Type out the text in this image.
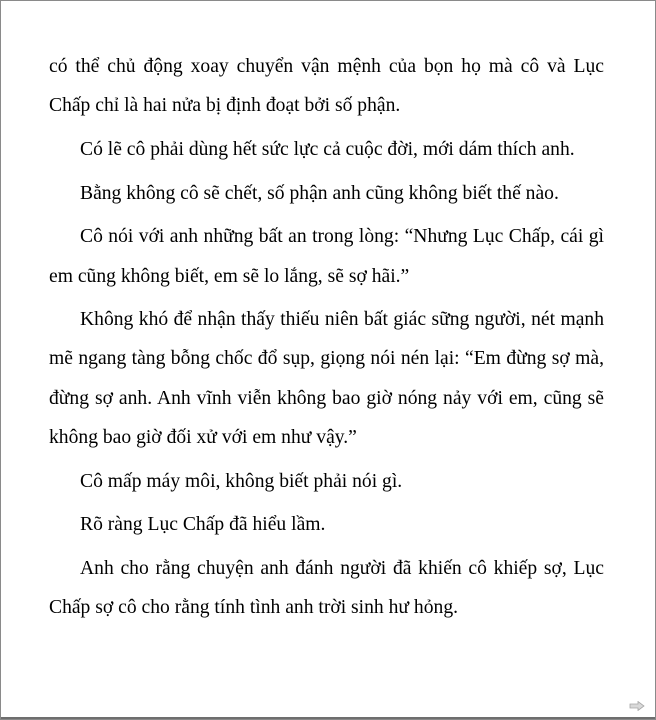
có thể chủ động xoay chuyển vận mệnh của bọn họ mà cô và Lục Chấp chỉ là hai nửa bị định đoạt bởi số phận.

Có lẽ cô phải dùng hết sức lực cả cuộc đời, mới dám thích anh.

Bằng không cô sẽ chết, số phận anh cũng không biết thế nào.

Cô nói với anh những bất an trong lòng: “Nhưng Lục Chấp, cái gì em cũng không biết, em sẽ lo lắng, sẽ sợ hãi.”

Không khó để nhận thấy thiếu niên bất giác sững người, nét mạnh mẽ ngang tàng bỗng chốc đổ sụp, giọng nói nén lại: “Em đừng sợ mà, đừng sợ anh. Anh vĩnh viễn không bao giờ nóng nảy với em, cũng sẽ không bao giờ đối xử với em như vậy.”

Cô mấp máy môi, không biết phải nói gì.

Rõ ràng Lục Chấp đã hiểu lầm.

Anh cho rằng chuyện anh đánh người đã khiến cô khiếp sợ, Lục Chấp sợ cô cho rằng tính tình anh trời sinh hư hỏng.
